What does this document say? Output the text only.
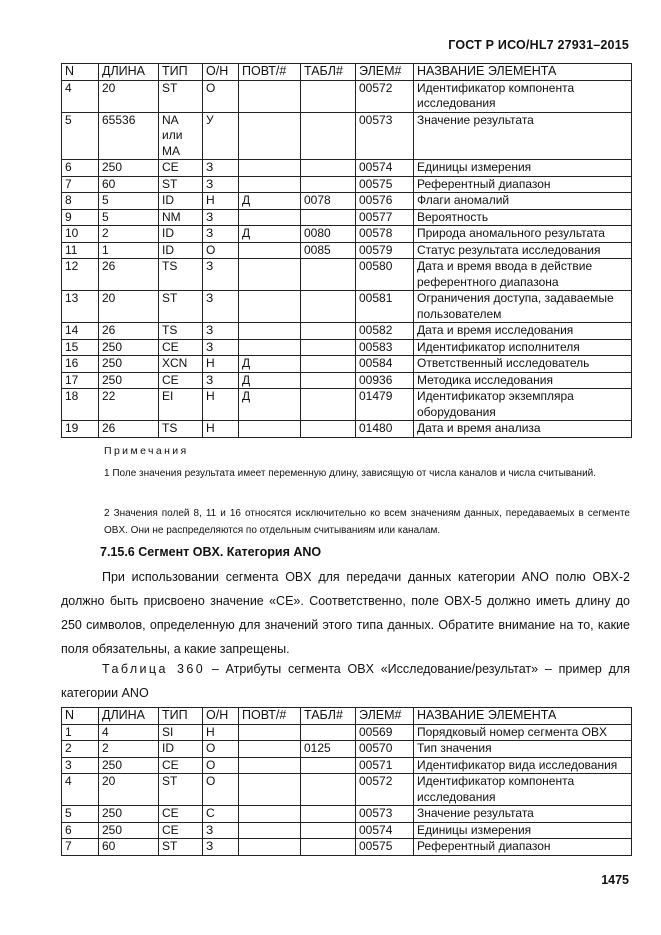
ГОСТ Р ИСО/HL7 27931–2015
N	ДЛИНА	ТИП	О/Н	ПОВТ/#	ТАБЛ#	ЭЛЕМ#	НАЗВАНИЕ ЭЛЕМЕНТА
4	20	ST	O			00572	Идентификатор компонента исследования
5	65536	NA или MA	У			00573	Значение результата
6	250	CE	З			00574	Единицы измерения
7	60	ST	З			00575	Референтный диапазон
8	5	ID	Н	Д	0078	00576	Флаги аномалий
9	5	NM	З			00577	Вероятность
10	2	ID	З	Д	0080	00578	Природа аномального результата
11	1	ID	O		0085	00579	Статус результата исследования
12	26	TS	З			00580	Дата и время ввода в действие референтного диапазона
13	20	ST	З			00581	Ограничения доступа, задаваемые пользователем
14	26	TS	З			00582	Дата и время исследования
15	250	CE	З			00583	Идентификатор исполнителя
16	250	XCN	Н	Д		00584	Ответственный исследователь
17	250	CE	З	Д		00936	Методика исследования
18	22	EI	Н	Д		01479	Идентификатор экземпляра оборудования
19	26	TS	Н			01480	Дата и время анализа
Примечания
1 Поле значения результата имеет переменную длину, зависящую от числа каналов и числа считываний.
2 Значения полей 8, 11 и 16 относятся исключительно ко всем значениям данных, передаваемых в сегменте OBX. Они не распределяются по отдельным считываниям или каналам.
7.15.6 Сегмент OBX. Категория ANO
При использовании сегмента OBX для передачи данных категории ANO полю OBX-2 должно быть присвоено значение «CE». Соответственно, поле OBX-5 должно иметь длину до 250 символов, определенную для значений этого типа данных. Обратите внимание на то, какие поля обязательны, а какие запрещены.
Таблица 360 – Атрибуты сегмента OBX «Исследование/результат» – пример для категории ANO
N	ДЛИНА	ТИП	О/Н	ПОВТ/#	ТАБЛ#	ЭЛЕМ#	НАЗВАНИЕ ЭЛЕМЕНТА
1	4	SI	Н			00569	Порядковый номер сегмента OBX
2	2	ID	O		0125	00570	Тип значения
3	250	CE	O			00571	Идентификатор вида исследования
4	20	ST	O			00572	Идентификатор компонента исследования
5	250	CE	С			00573	Значение результата
6	250	CE	З			00574	Единицы измерения
7	60	ST	З			00575	Референтный диапазон
1475
